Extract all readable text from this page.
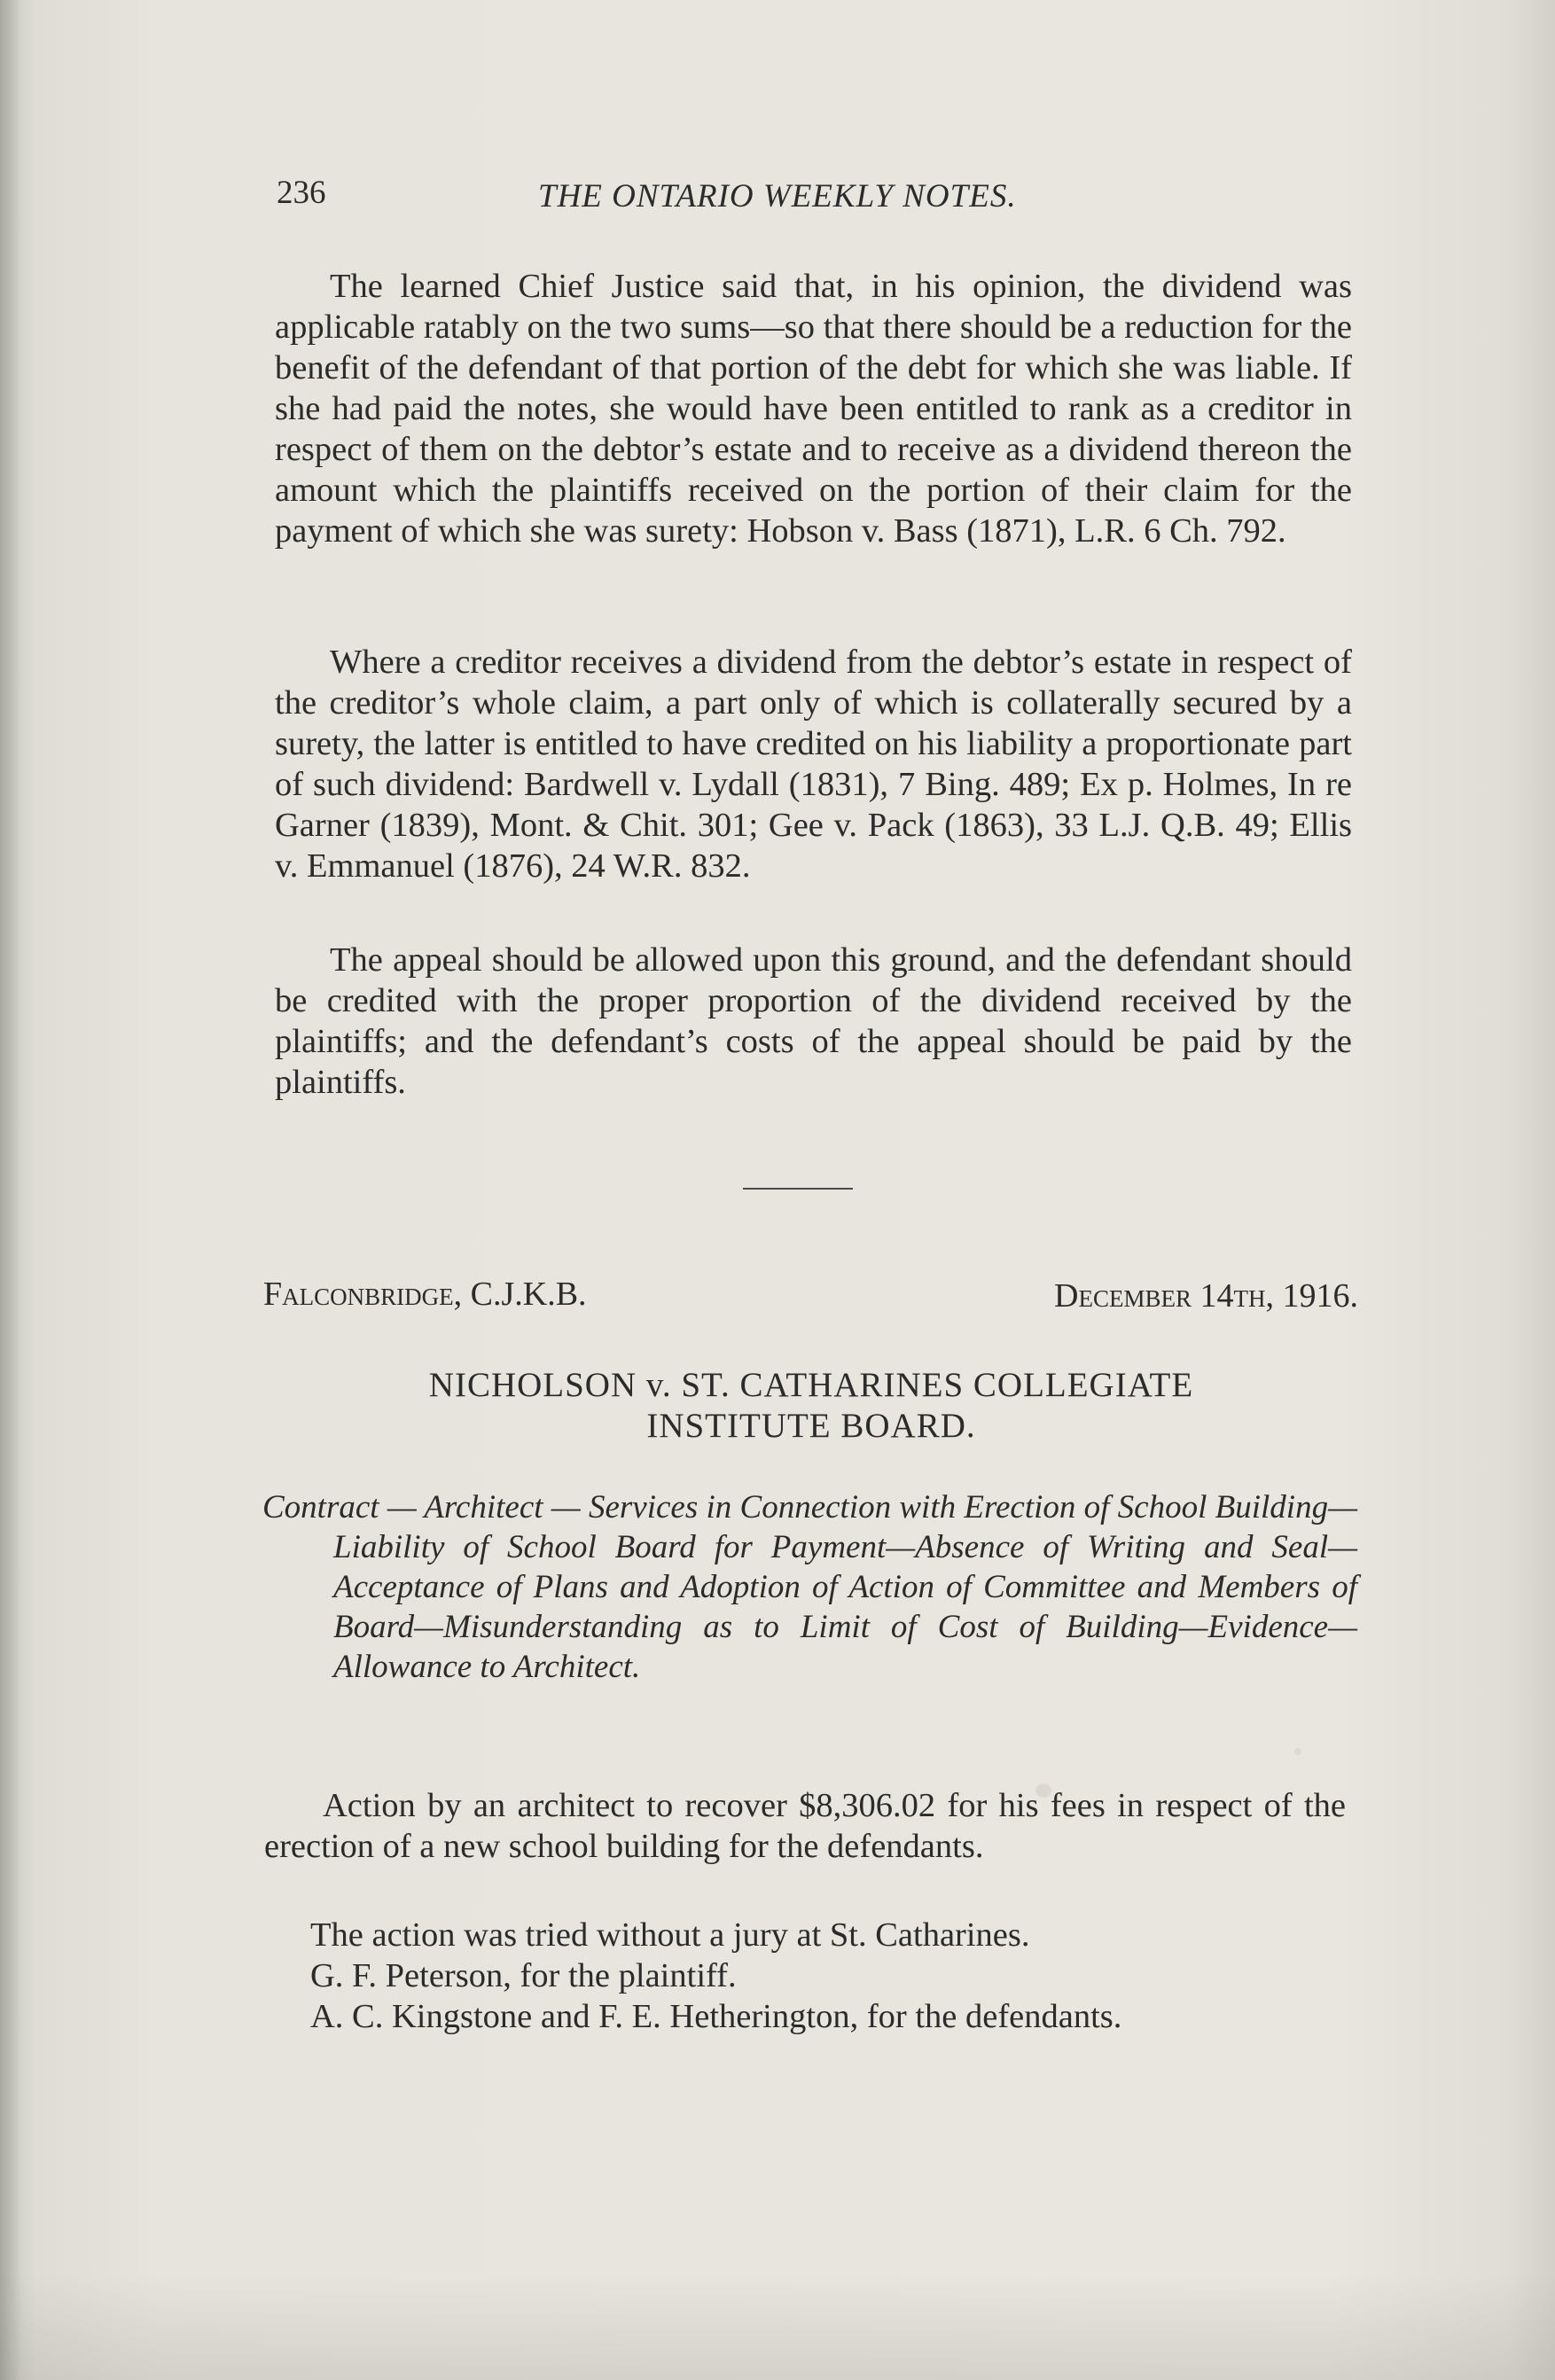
236	THE ONTARIO WEEKLY NOTES.

The learned Chief Justice said that, in his opinion, the dividend was applicable ratably on the two sums—so that there should be a reduction for the benefit of the defendant of that portion of the debt for which she was liable. If she had paid the notes, she would have been entitled to rank as a creditor in respect of them on the debtor’s estate and to receive as a dividend thereon the amount which the plaintiffs received on the portion of their claim for the payment of which she was surety: Hobson v. Bass (1871), L.R. 6 Ch. 792.

Where a creditor receives a dividend from the debtor’s estate in respect of the creditor’s whole claim, a part only of which is collaterally secured by a surety, the latter is entitled to have credited on his liability a proportionate part of such dividend: Bardwell v. Lydall (1831), 7 Bing. 489; Ex p. Holmes, In re Garner (1839), Mont. & Chit. 301; Gee v. Pack (1863), 33 L.J. Q.B. 49; Ellis v. Emmanuel (1876), 24 W.R. 832.

The appeal should be allowed upon this ground, and the defendant should be credited with the proper proportion of the dividend received by the plaintiffs; and the defendant’s costs of the appeal should be paid by the plaintiffs.

Falconbridge, C.J.K.B.	December 14th, 1916.
NICHOLSON v. ST. CATHARINES COLLEGIATE
INSTITUTE BOARD.

Contract — Architect — Services in Connection with Erection of School Building—Liability of School Board for Payment—Absence of Writing and Seal—Acceptance of Plans and Adoption of Action of Committee and Members of Board—Misunderstanding as to Limit of Cost of Building—Evidence—Allowance to Architect.

Action by an architect to recover $8,306.02 for his fees in respect of the erection of a new school building for the defendants.

The action was tried without a jury at St. Catharines.
G. F. Peterson, for the plaintiff.
A. C. Kingstone and F. E. Hetherington, for the defendants.
